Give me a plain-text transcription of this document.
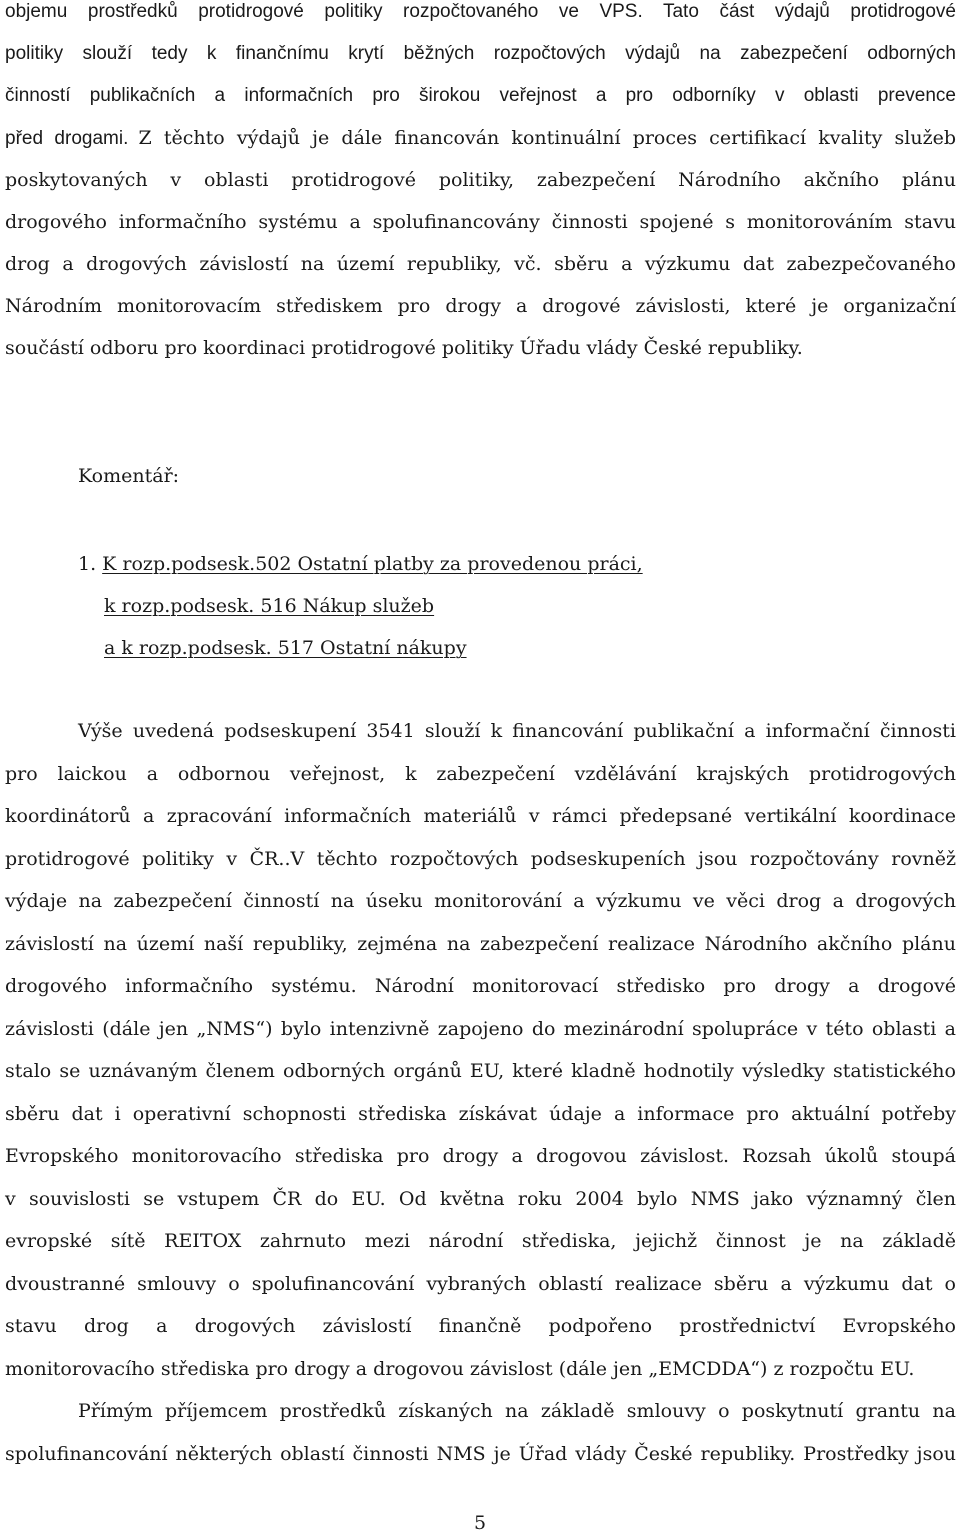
objemu prostředků protidrogové politiky rozpočtovaného ve VPS. Tato část výdajů protidrogové
politiky slouží tedy k finančnímu krytí běžných rozpočtových výdajů na zabezpečení odborných
činností publikačních a informačních pro širokou veřejnost a pro odborníky v oblasti prevence
před drogami. Z těchto výdajů je dále financován kontinuální proces certifikací kvality služeb
poskytovaných v oblasti protidrogové politiky, zabezpečení Národního akčního plánu
drogového informačního systému a spolufinancovány činnosti spojené s monitorováním stavu
drog a drogových závislostí na území republiky, vč. sběru a výzkumu dat zabezpečovaného
Národním monitorovacím střediskem pro drogy a drogové závislosti, které je organizační
součástí odboru pro koordinaci protidrogové politiky Úřadu vlády České republiky.
Komentář:
1. K rozp.podsesk.502 Ostatní platby za provedenou práci,
k rozp.podsesk. 516 Nákup služeb
a k rozp.podsesk. 517 Ostatní nákupy
Výše uvedená podseskupení 3541 slouží k financování publikační a informační činnosti
pro laickou a odbornou veřejnost, k zabezpečení vzdělávání krajských protidrogových
koordinátorů a zpracování informačních materiálů v rámci předepsané vertikální koordinace
protidrogové politiky v ČR..V těchto rozpočtových podseskupeních jsou rozpočtovány rovněž
výdaje na zabezpečení činností na úseku monitorování a výzkumu ve věci drog a drogových
závislostí na území naší republiky, zejména na zabezpečení realizace Národního akčního plánu
drogového informačního systému. Národní monitorovací středisko pro drogy a drogové
závislosti (dále jen „NMS“) bylo intenzivně zapojeno do mezinárodní spolupráce v této oblasti a
stalo se uznávaným členem odborných orgánů EU, které kladně hodnotily výsledky statistického
sběru dat i operativní schopnosti střediska získávat údaje a informace pro aktuální potřeby
Evropského monitorovacího střediska pro drogy a drogovou závislost. Rozsah úkolů stoupá
v souvislosti se vstupem ČR do EU. Od května roku 2004 bylo NMS jako významný člen
evropské sítě REITOX zahrnuto mezi národní střediska, jejichž činnost je na základě
dvoustranné smlouvy o spolufinancování vybraných oblastí realizace sběru a výzkumu dat o
stavu drog a drogových závislostí finančně podpořeno prostřednictví Evropského
monitorovacího střediska pro drogy a drogovou závislost (dále jen „EMCDDA“) z rozpočtu EU.
Přímým příjemcem prostředků získaných na základě smlouvy o poskytnutí grantu na
spolufinancování některých oblastí činnosti NMS je Úřad vlády České republiky. Prostředky jsou
5
